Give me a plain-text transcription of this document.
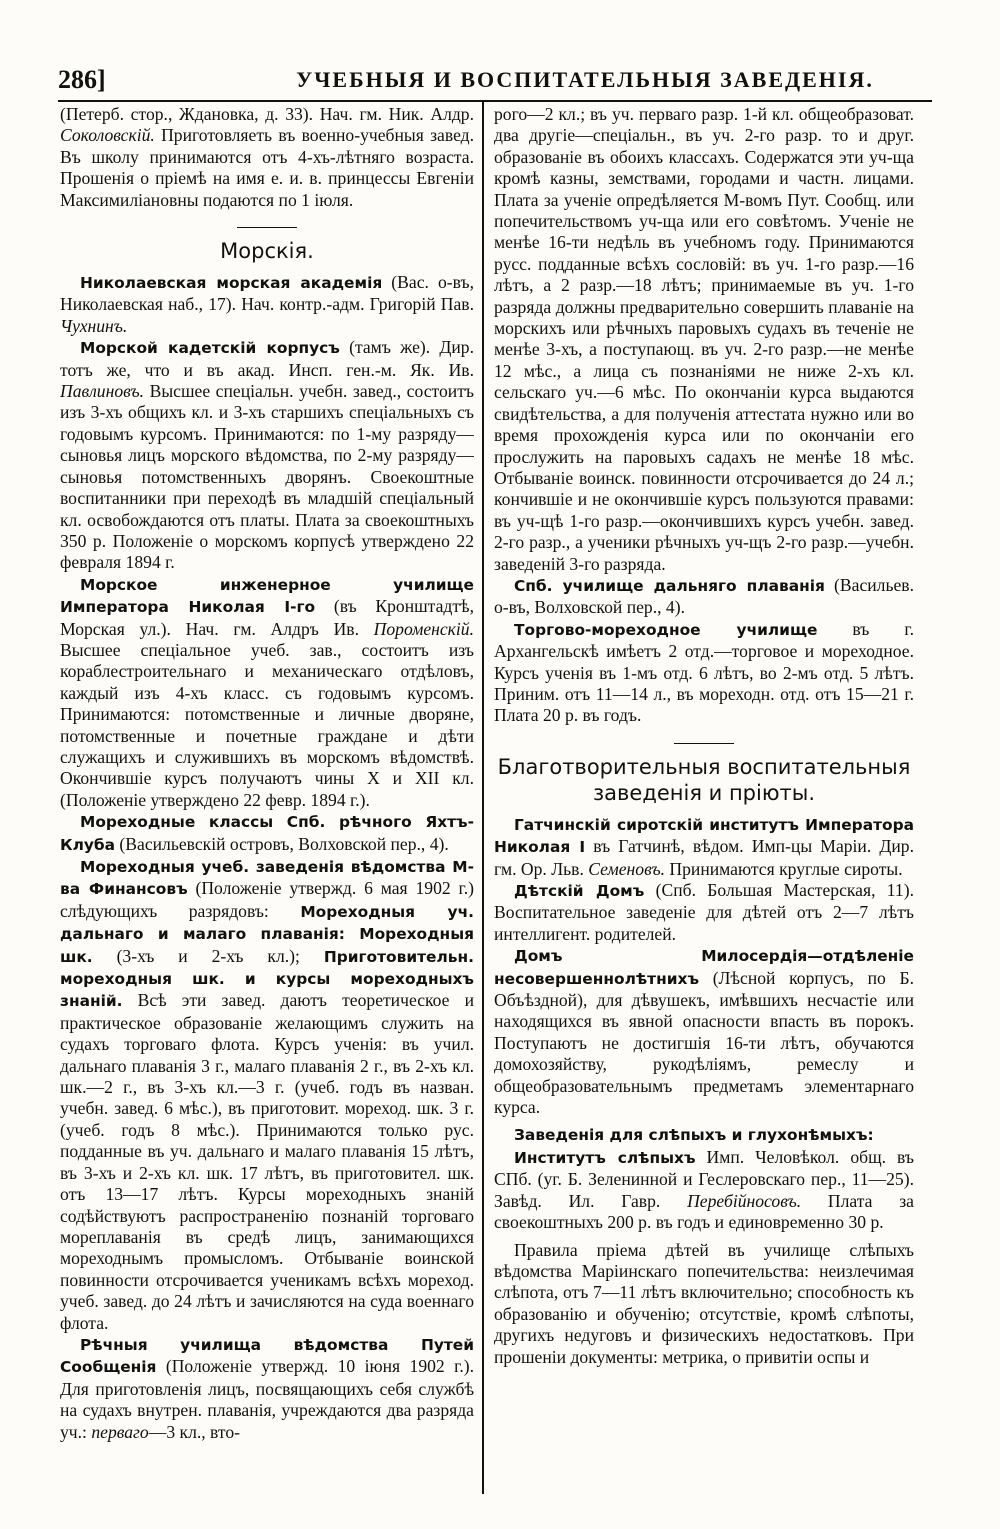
286]	УЧЕБНЫЯ И ВОСПИТАТЕЛЬНЫЯ ЗАВЕДЕНІЯ.

(Петерб. стор., Ждановка, д. 33). Нач. гм. Ник. Алдр. Соколовскій. Приготовляеть въ военно-учебныя завед. Въ школу принимаются отъ 4-хъ-лѣтняго возраста. Прошенія о пріемѣ на имя е. и. в. принцессы Евгеніи Максимиліановны подаются по 1 іюля.

Морскія.

Николаевская морская академія (Вас. о-въ, Николаевская наб., 17). Нач. контр.-адм. Григорій Пав. Чухнинъ.

Морской кадетскій корпусъ (тамъ же). Дир. тотъ же, что и въ акад. Инсп. ген.-м. Як. Ив. Павлиновъ. Высшее спеціальн. учебн. завед., состоитъ изъ 3-хъ общихъ кл. и 3-хъ старшихъ спеціальныхъ съ годовымъ курсомъ. Принимаются: по 1-му разряду—сыновья лицъ морского вѣдомства, по 2-му разряду—сыновья потомственныхъ дворянъ. Своекоштные воспитанники при переходѣ въ младшій спеціальный кл. освобождаются отъ платы. Плата за своекоштныхъ 350 р. Положеніе о морскомъ корпусѣ утверждено 22 февраля 1894 г.

Морское инженерное училище Императора Николая I-го (въ Кронштадтѣ, Морская ул.). Нач. гм. Алдръ Ив. Пороменскій. Высшее спеціальное учеб. зав., состоитъ изъ кораблестроительнаго и механическаго отдѣловъ, каждый изъ 4-хъ класс. съ годовымъ курсомъ. Принимаются: потомственные и личные дворяне, потомственные и почетные граждане и дѣти служащихъ и служившихъ въ морскомъ вѣдомствѣ. Окончившіе курсъ получаютъ чины X и XII кл. (Положеніе утверждено 22 февр. 1894 г.).

Мореходные классы Спб. рѣчного Яхтъ-Клуба (Васильевскій островъ, Волховской пер., 4).

Мореходныя учеб. заведенія вѣдомства М-ва Финансовъ (Положеніе утвержд. 6 мая 1902 г.) слѣдующихъ разрядовъ: Мореходныя уч. дальнаго и малаго плаванія: Мореходныя шк. (3-хъ и 2-хъ кл.); Приготовительн. мореходныя шк. и курсы мореходныхъ знаній. Всѣ эти завед. даютъ теоретическое и практическое образованіе желающимъ служить на судахъ торговаго флота. Курсъ ученія: въ учил. дальнаго плаванія 3 г., малаго плаванія 2 г., въ 2-хъ кл. шк.—2 г., въ 3-хъ кл.—3 г. (учеб. годъ въ назван. учебн. завед. 6 мѣс.), въ приготовит. мореход. шк. 3 г. (учеб. годъ 8 мѣс.). Принимаются только рус. подданные въ уч. дальнаго и малаго плаванія 15 лѣтъ, въ 3-хъ и 2-хъ кл. шк. 17 лѣтъ, въ приготовител. шк. отъ 13—17 лѣтъ. Курсы мореходныхъ знаній содѣйствуютъ распространенію познаній торговаго мореплаванія въ средѣ лицъ, занимающихся мореходнымъ промысломъ. Отбываніе воинской повинности отсрочивается ученикамъ всѣхъ мореход. учеб. завед. до 24 лѣтъ и зачисляются на суда военнаго флота.

Рѣчныя училища вѣдомства Путей Сообщенія (Положеніе утвержд. 10 іюня 1902 г.). Для приготовленія лицъ, посвящающихъ себя службѣ на судахъ внутрен. плаванія, учреждаются два разряда уч.: перваго—3 кл., вто-

рого—2 кл.; въ уч. перваго разр. 1-й кл. общеобразоват. два другіе—спеціальн., въ уч. 2-го разр. то и друг. образованіе въ обоихъ классахъ. Содержатся эти уч-ща кромѣ казны, земствами, городами и частн. лицами. Плата за ученіе опредѣляется М-вомъ Пут. Сообщ. или попечительствомъ уч-ща или его совѣтомъ. Ученіе не менѣе 16-ти недѣль въ учебномъ году. Принимаются русс. подданные всѣхъ сословій: въ уч. 1-го разр.—16 лѣтъ, а 2 разр.—18 лѣтъ; принимаемые въ уч. 1-го разряда должны предварительно совершить плаваніе на морскихъ или рѣчныхъ паровыхъ судахъ въ теченіе не менѣе 3-хъ, а поступающ. въ уч. 2-го разр.—не менѣе 12 мѣс., а лица съ познаніями не ниже 2-хъ кл. сельскаго уч.—6 мѣс. По окончаніи курса выдаются свидѣтельства, а для полученія аттестата нужно или во время прохожденія курса или по окончаніи его прослужить на паровыхъ садахъ не менѣе 18 мѣс. Отбываніе воинск. повинности отсрочивается до 24 л.; кончившіе и не окончившіе курсъ пользуются правами: въ уч-щѣ 1-го разр.—окончившихъ курсъ учебн. завед. 2-го разр., а ученики рѣчныхъ уч-щъ 2-го разр.—учебн. заведеній 3-го разряда.

Спб. училище дальняго плаванія (Васильев. о-въ, Волховской пер., 4).

Торгово-мореходное училище въ г. Архангельскѣ имѣетъ 2 отд.—торговое и мореходное. Курсъ ученія въ 1-мъ отд. 6 лѣтъ, во 2-мъ отд. 5 лѣтъ. Приним. отъ 11—14 л., въ мореходн. отд. отъ 15—21 г. Плата 20 р. въ годъ.

Благотворительныя воспитательныя заведенія и пріюты.

Гатчинскій сиротскій институтъ Императора Николая I въ Гатчинѣ, вѣдом. Имп-цы Маріи. Дир. гм. Ор. Льв. Семеновъ. Принимаются круглые сироты.

Дѣтскій Домъ (Спб. Большая Мастерская, 11). Воспитательное заведеніе для дѣтей отъ 2—7 лѣтъ интеллигент. родителей.

Домъ Милосердія—отдѣленіе несовершеннолѣтнихъ (Лѣсной корпусъ, по Б. Объѣздной), для дѣвушекъ, имѣвшихъ несчастіе или находящихся въ явной опасности впасть въ порокъ. Поступаютъ не достигшія 16-ти лѣтъ, обучаются домохозяйству, рукодѣліямъ, ремеслу и общеобразовательнымъ предметамъ элементарнаго курса.

Заведенія для слѣпыхъ и глухонѣмыхъ:

Институтъ слѣпыхъ Имп. Человѣкол. общ. въ СПб. (уг. Б. Зеленинной и Геслеровскаго пер., 11—25). Завѣд. Ил. Гавр. Перебійносовъ. Плата за своекоштныхъ 200 р. въ годъ и единовременно 30 р.

Правила пріема дѣтей въ училище слѣпыхъ вѣдомства Маріинскаго попечительства: неизлечимая слѣпота, отъ 7—11 лѣтъ включительно; способность къ образованію и обученію; отсутствіе, кромѣ слѣпоты, другихъ недуговъ и физическихъ недостатковъ. При прошеніи документы: метрика, о привитіи оспы и
